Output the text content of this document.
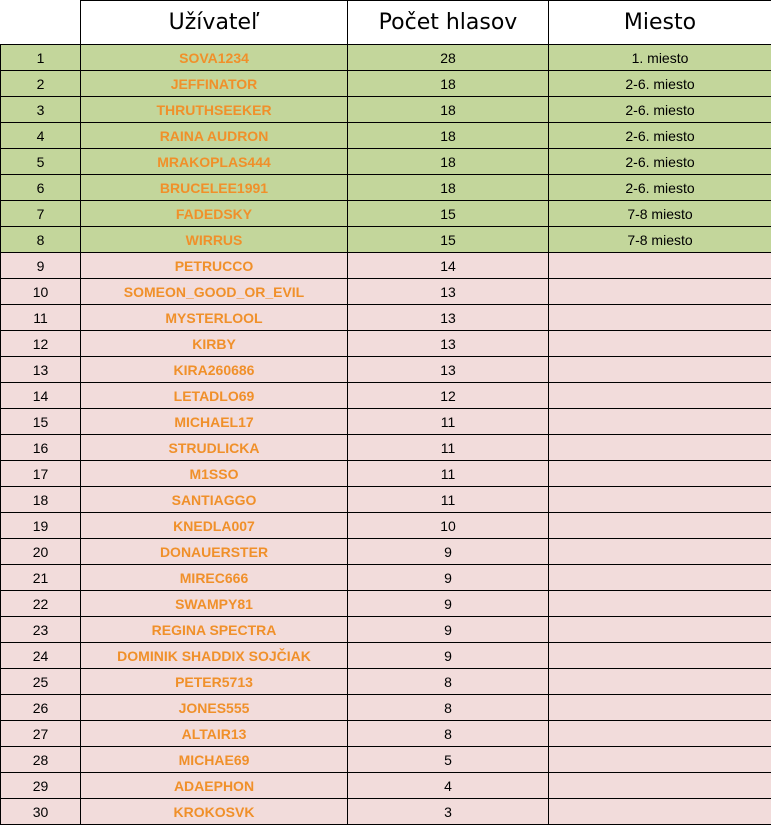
	Užívateľ	Počet hlasov	Miesto
1	SOVA1234	28	1. miesto
2	JEFFINATOR	18	2-6. miesto
3	THRUTHSEEKER	18	2-6. miesto
4	RAINA AUDRON	18	2-6. miesto
5	MRAKOPLAS444	18	2-6. miesto
6	BRUCELEE1991	18	2-6. miesto
7	FADEDSKY	15	7-8 miesto
8	WIRRUS	15	7-8 miesto
9	PETRUCCO	14	
10	SOMEON_GOOD_OR_EVIL	13	
11	MYSTERLOOL	13	
12	KIRBY	13	
13	KIRA260686	13	
14	LETADLO69	12	
15	MICHAEL17	11	
16	STRUDLICKA	11	
17	M1SSO	11	
18	SANTIAGGO	11	
19	KNEDLA007	10	
20	DONAUERSTER	9	
21	MIREC666	9	
22	SWAMPY81	9	
23	REGINA SPECTRA	9	
24	DOMINIK SHADDIX SOJČIAK	9	
25	PETER5713	8	
26	JONES555	8	
27	ALTAIR13	8	
28	MICHAE69	5	
29	ADAEPHON	4	
30	KROKOSVK	3	
